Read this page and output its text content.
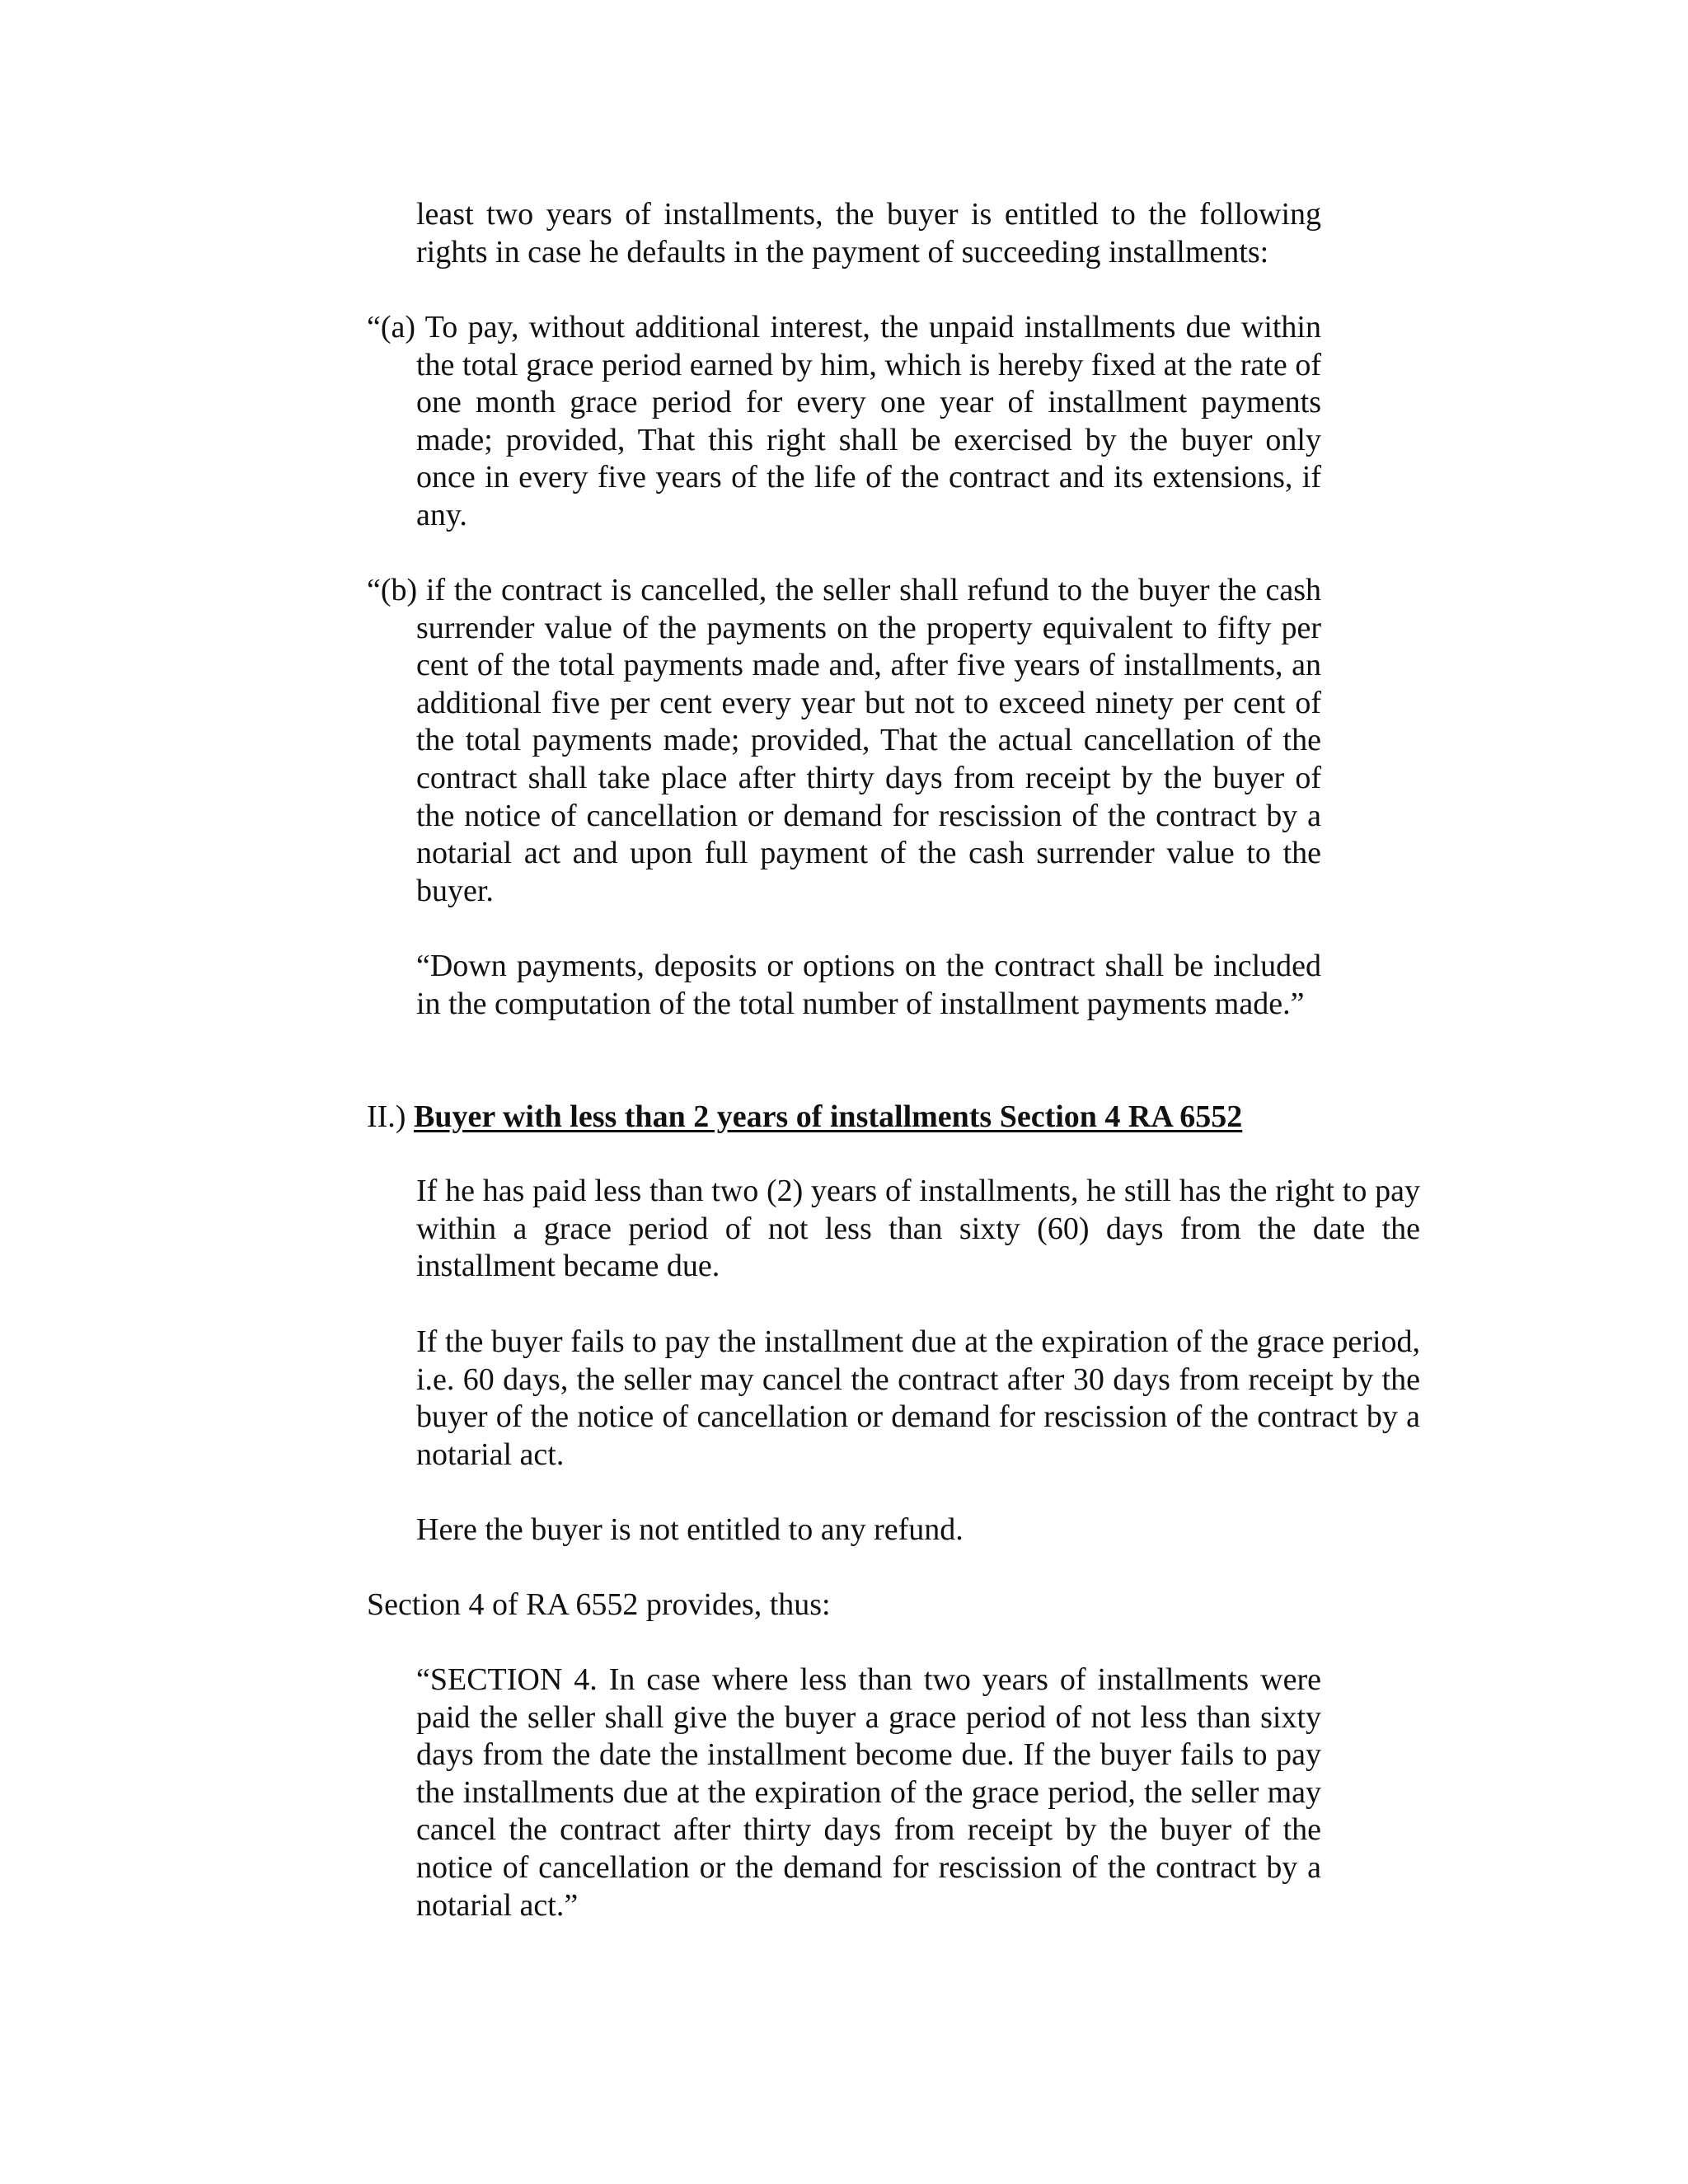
least two years of installments, the buyer is entitled to the following rights in case he defaults in the payment of succeeding installments:

“(a) To pay, without additional interest, the unpaid installments due within the total grace period earned by him, which is hereby fixed at the rate of one month grace period for every one year of installment payments made; provided, That this right shall be exercised by the buyer only once in every five years of the life of the contract and its extensions, if any.

“(b) if the contract is cancelled, the seller shall refund to the buyer the cash surrender value of the payments on the property equivalent to fifty per cent of the total payments made and, after five years of installments, an additional five per cent every year but not to exceed ninety per cent of the total payments made; provided, That the actual cancellation of the contract shall take place after thirty days from receipt by the buyer of the notice of cancellation or demand for rescission of the contract by a notarial act and upon full payment of the cash surrender value to the buyer.

“Down payments, deposits or options on the contract shall be included in the computation of the total number of installment payments made.”

II.) Buyer with less than 2 years of installments Section 4 RA 6552

If he has paid less than two (2) years of installments, he still has the right to pay within a grace period of not less than sixty (60) days from the date the installment became due.

If the buyer fails to pay the installment due at the expiration of the grace period, i.e. 60 days, the seller may cancel the contract after 30 days from receipt by the buyer of the notice of cancellation or demand for rescission of the contract by a notarial act.

Here the buyer is not entitled to any refund.

Section 4 of RA 6552 provides, thus:

“SECTION 4. In case where less than two years of installments were paid the seller shall give the buyer a grace period of not less than sixty days from the date the installment become due. If the buyer fails to pay the installments due at the expiration of the grace period, the seller may cancel the contract after thirty days from receipt by the buyer of the notice of cancellation or the demand for rescission of the contract by a notarial act.”
